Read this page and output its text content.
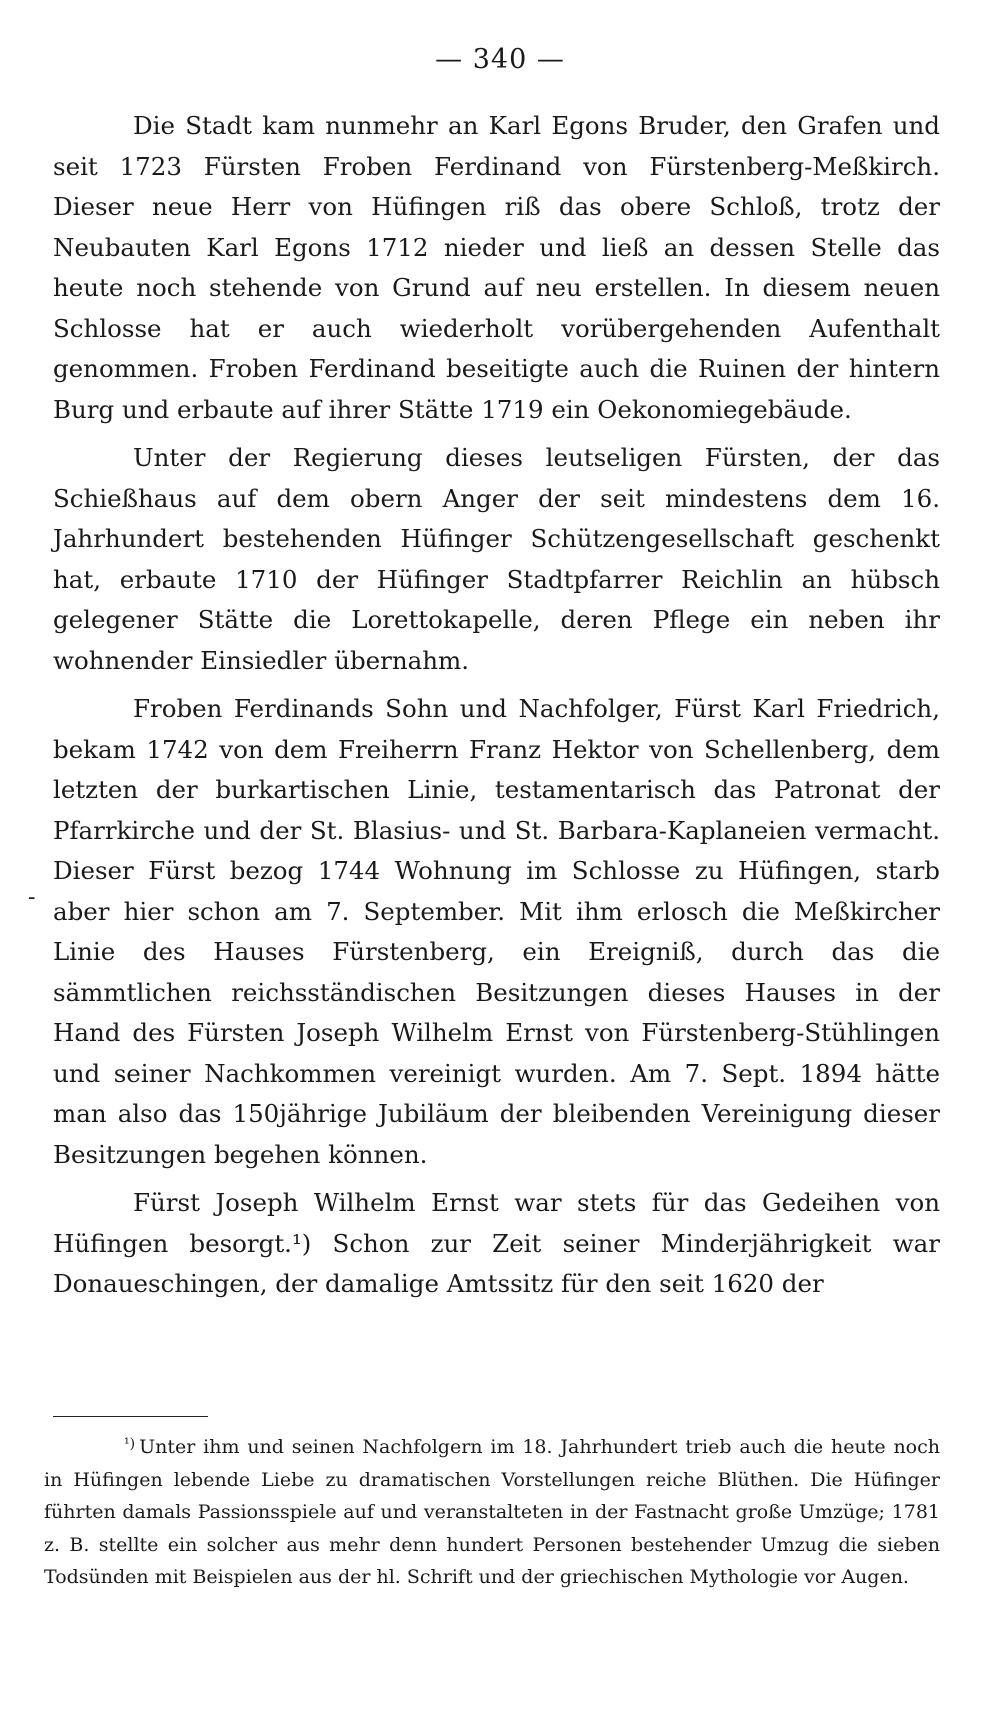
— 340 —

Die Stadt kam nunmehr an Karl Egons Bruder, den Grafen und seit 1723 Fürsten Froben Ferdinand von Fürstenberg-Meßkirch. Dieser neue Herr von Hüfingen riß das obere Schloß, trotz der Neubauten Karl Egons 1712 nieder und ließ an dessen Stelle das heute noch stehende von Grund auf neu erstellen. In diesem neuen Schlosse hat er auch wiederholt vorübergehenden Aufenthalt genommen. Froben Ferdinand beseitigte auch die Ruinen der hintern Burg und erbaute auf ihrer Stätte 1719 ein Oekonomiegebäude.

Unter der Regierung dieses leutseligen Fürsten, der das Schießhaus auf dem obern Anger der seit mindestens dem 16. Jahrhundert bestehenden Hüfinger Schützengesellschaft geschenkt hat, erbaute 1710 der Hüfinger Stadtpfarrer Reichlin an hübsch gelegener Stätte die Lorettokapelle, deren Pflege ein neben ihr wohnender Einsiedler übernahm.

Froben Ferdinands Sohn und Nachfolger, Fürst Karl Friedrich, bekam 1742 von dem Freiherrn Franz Hektor von Schellenberg, dem letzten der burkartischen Linie, testamentarisch das Patronat der Pfarrkirche und der St. Blasius- und St. Barbara-Kaplaneien vermacht. Dieser Fürst bezog 1744 Wohnung im Schlosse zu Hüfingen, starb aber hier schon am 7. September. Mit ihm erlosch die Meßkircher Linie des Hauses Fürstenberg, ein Ereigniß, durch das die sämmtlichen reichsständischen Besitzungen dieses Hauses in der Hand des Fürsten Joseph Wilhelm Ernst von Fürstenberg-Stühlingen und seiner Nachkommen vereinigt wurden. Am 7. Sept. 1894 hätte man also das 150jährige Jubiläum der bleibenden Vereinigung dieser Besitzungen begehen können.

Fürst Joseph Wilhelm Ernst war stets für das Gedeihen von Hüfingen besorgt.¹) Schon zur Zeit seiner Minderjährigkeit war Donaueschingen, der damalige Amtssitz für den seit 1620 der

-

$^{^1)}$ Unter ihm und seinen Nachfolgern im 18. Jahrhundert trieb auch die heute noch in Hüfingen lebende Liebe zu dramatischen Vorstellungen reiche Blüthen. Die Hüfinger führten damals Passionsspiele auf und veranstalteten in der Fastnacht große Umzüge; 1781 z. B. stellte ein solcher aus mehr denn hundert Personen bestehender Umzug die sieben Todsünden mit Beispielen aus der hl. Schrift und der griechischen Mythologie vor Augen.
